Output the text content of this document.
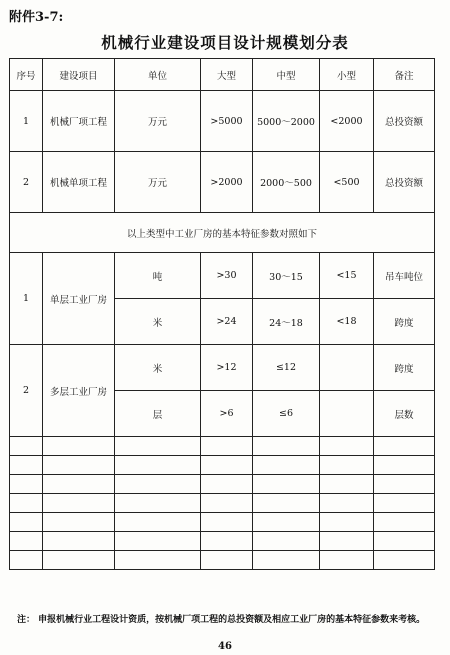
附件3-7:
机械行业建设项目设计规模划分表
序号	建设项目	单位	大型	中型	小型	备注
1	机械厂项工程	万元	>5000	5000～2000	<2000	总投资额
2	机械单项工程	万元	>2000	2000～500	<500	总投资额
以上类型中工业厂房的基本特征参数对照如下						
1	单层工业厂房	吨	>30	30～15	<15	吊车吨位
		米	>24	24～18	<18	跨度
2	多层工业厂房	米	>12	≤12		跨度
		层	>6	≤6		层数

注： 申报机械行业工程设计资质，按机械厂项工程的总投资额及相应工业厂房的基本特征参数来考核。
46
